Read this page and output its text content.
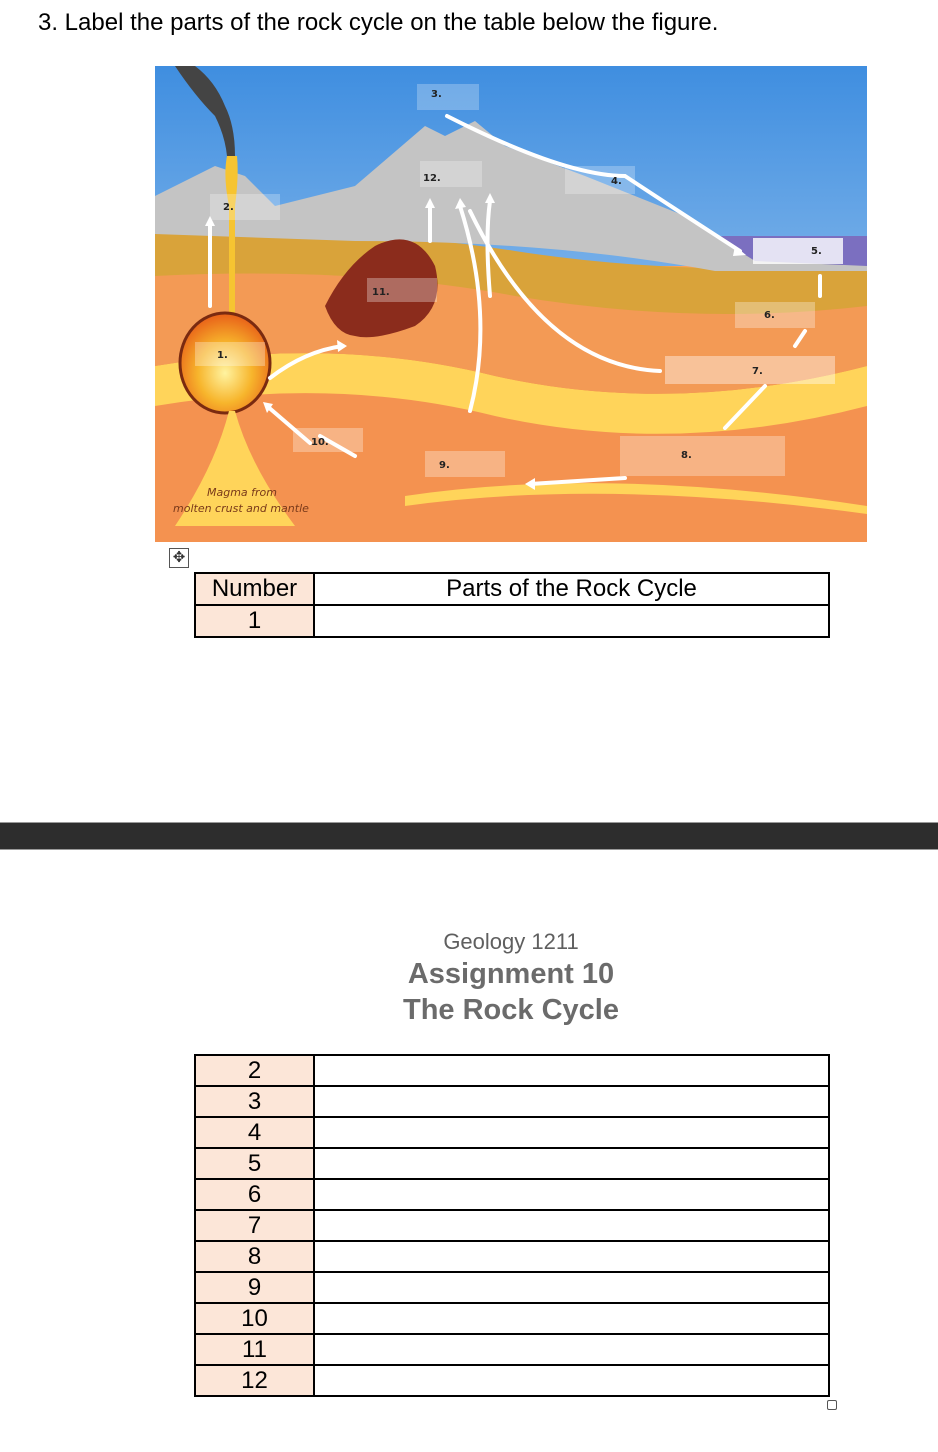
3. Label the parts of the rock cycle on the table below the figure.
3.
2.
12.	4.
5.
6.
7.
1.
11.
10.
9.
8.
Magma from
molten crust and mantle
✥
Number	Parts of the Rock Cycle
1	
Geology 1211
Assignment 10
The Rock Cycle
2	
3	
4	
5	
6	
7	
8	
9	
10	
11	
12	
